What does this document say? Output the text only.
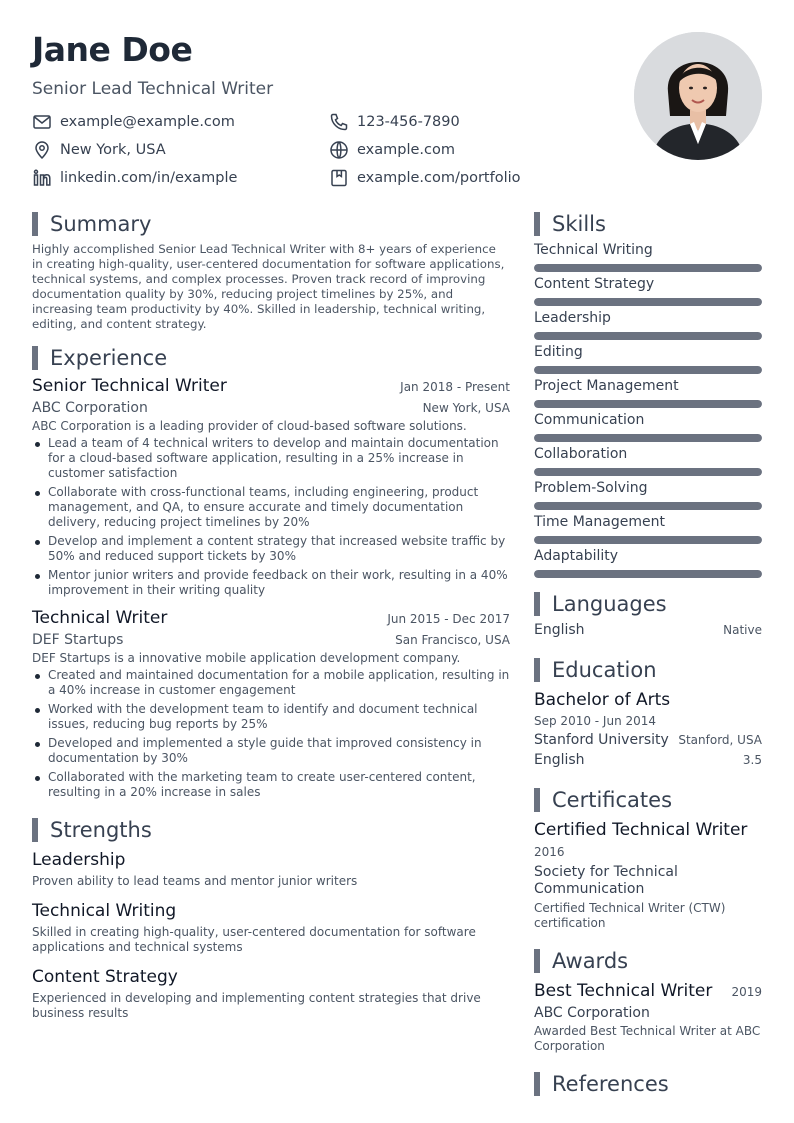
Jane Doe
Senior Lead Technical Writer
example@example.com
New York, USA
linkedin.com/in/example
123-456-7890
example.com
example.com/portfolio
Summary
Highly accomplished Senior Lead Technical Writer with 8+ years of experience in creating high-quality, user-centered documentation for software applications, technical systems, and complex processes. Proven track record of improving documentation quality by 30%, reducing project timelines by 25%, and increasing team productivity by 40%. Skilled in leadership, technical writing, editing, and content strategy.
Experience
Senior Technical Writer	Jan 2018 - Present
ABC Corporation	New York, USA
ABC Corporation is a leading provider of cloud-based software solutions.
Lead a team of 4 technical writers to develop and maintain documentation for a cloud-based software application, resulting in a 25% increase in customer satisfaction
Collaborate with cross-functional teams, including engineering, product management, and QA, to ensure accurate and timely documentation delivery, reducing project timelines by 20%
Develop and implement a content strategy that increased website traffic by 50% and reduced support tickets by 30%
Mentor junior writers and provide feedback on their work, resulting in a 40% improvement in their writing quality
Technical Writer	Jun 2015 - Dec 2017
DEF Startups	San Francisco, USA
DEF Startups is a innovative mobile application development company.
Created and maintained documentation for a mobile application, resulting in a 40% increase in customer engagement
Worked with the development team to identify and document technical issues, reducing bug reports by 25%
Developed and implemented a style guide that improved consistency in documentation by 30%
Collaborated with the marketing team to create user-centered content, resulting in a 20% increase in sales
Strengths
Leadership
Proven ability to lead teams and mentor junior writers
Technical Writing
Skilled in creating high-quality, user-centered documentation for software applications and technical systems
Content Strategy
Experienced in developing and implementing content strategies that drive business results
Skills
Technical Writing
Content Strategy
Leadership
Editing
Project Management
Communication
Collaboration
Problem-Solving
Time Management
Adaptability
Languages
English	Native
Education
Bachelor of Arts
Sep 2010 - Jun 2014
Stanford University Stanford, USA
English	3.5
Certificates
Certified Technical Writer
2016
Society for Technical Communication
Certified Technical Writer (CTW) certification
Awards
Best Technical Writer 2019
ABC Corporation
Awarded Best Technical Writer at ABC Corporation
References
